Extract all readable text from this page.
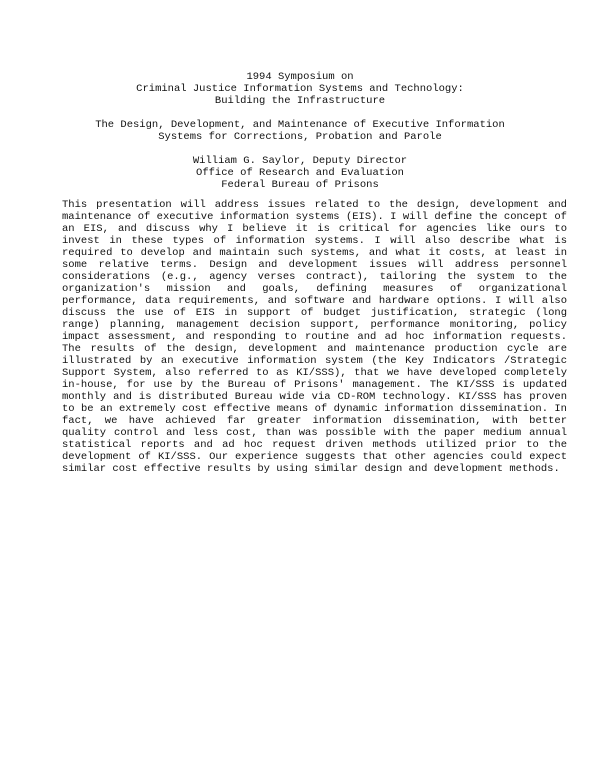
1994 Symposium on
Criminal Justice Information Systems and Technology:
Building the Infrastructure
The Design, Development, and Maintenance of Executive Information
Systems for Corrections, Probation and Parole
William G. Saylor, Deputy Director
Office of Research and Evaluation
Federal Bureau of Prisons
This presentation will address issues related to the design, development and
maintenance of executive information systems (EIS). I will define the concept of
an EIS, and discuss why I believe it is critical for agencies like ours to
invest in these types of information systems. I will also describe what is
required to develop and maintain such systems, and what it costs, at least in
some relative terms. Design and development issues will address personnel
considerations (e.g., agency verses contract), tailoring the system to the
organization's mission and goals, defining measures of organizational
performance, data requirements, and software and hardware options. I will also
discuss the use of EIS in support of budget justification, strategic (long
range) planning, management decision support, performance monitoring, policy
impact assessment, and responding to routine and ad hoc information requests.
The results of the design, development and maintenance production cycle are
illustrated by an executive information system (the Key Indicators /Strategic
Support System, also referred to as KI/SSS), that we have developed completely
in-house, for use by the Bureau of Prisons' management. The KI/SSS is updated
monthly and is distributed Bureau wide via CD-ROM technology. KI/SSS has proven
to be an extremely cost effective means of dynamic information dissemination. In
fact, we have achieved far greater information dissemination, with better
quality control and less cost, than was possible with the paper medium annual
statistical reports and ad hoc request driven methods utilized prior to the
development of KI/SSS. Our experience suggests that other agencies could expect
similar cost effective results by using similar design and development methods.
